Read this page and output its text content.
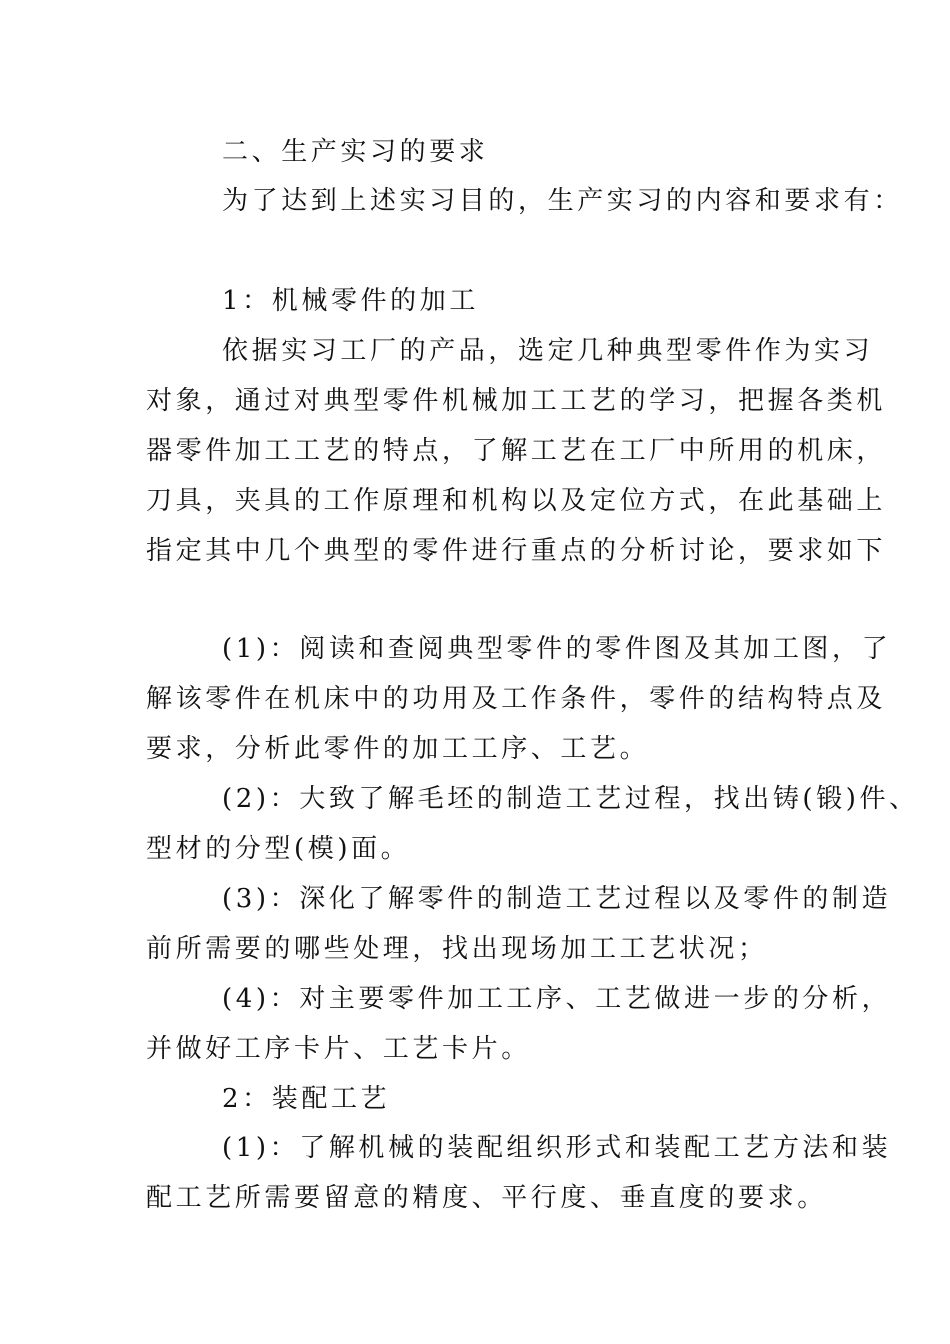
二、生产实习的要求
为了达到上述实习目的，生产实习的内容和要求有：
1：机械零件的加工
依据实习工厂的产品，选定几种典型零件作为实习
对象，通过对典型零件机械加工工艺的学习，把握各类机
器零件加工工艺的特点，了解工艺在工厂中所用的机床，
刀具，夹具的工作原理和机构以及定位方式，在此基础上
指定其中几个典型的零件进行重点的分析讨论，要求如下
(1)：阅读和查阅典型零件的零件图及其加工图，了
解该零件在机床中的功用及工作条件，零件的结构特点及
要求，分析此零件的加工工序、工艺。
(2)：大致了解毛坯的制造工艺过程，找出铸(锻)件、
型材的分型(模)面。
(3)：深化了解零件的制造工艺过程以及零件的制造
前所需要的哪些处理，找出现场加工工艺状况；
(4)：对主要零件加工工序、工艺做进一步的分析，
并做好工序卡片、工艺卡片。
2：装配工艺
(1)：了解机械的装配组织形式和装配工艺方法和装
配工艺所需要留意的精度、平行度、垂直度的要求。
